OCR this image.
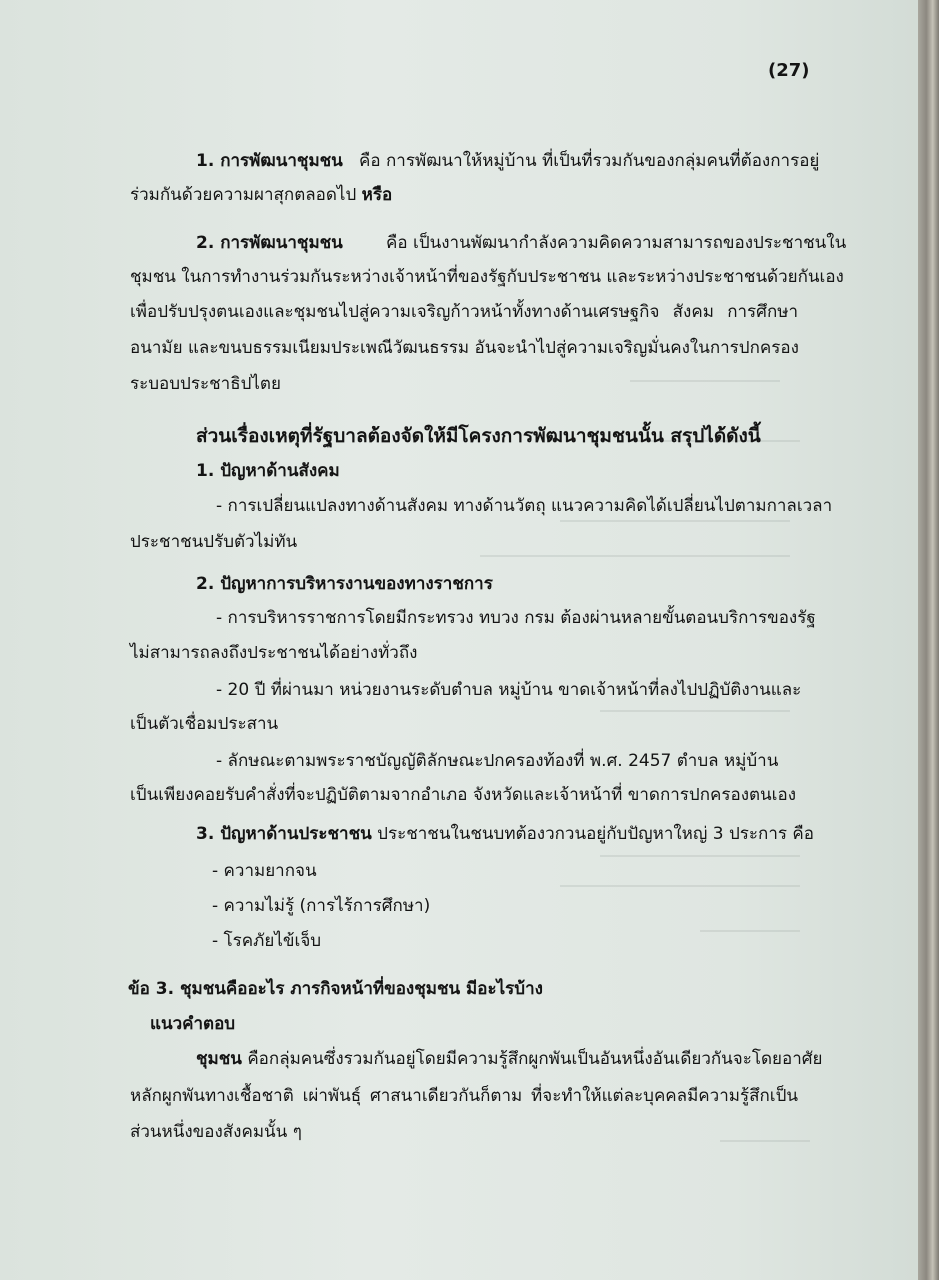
(27)
1. การพัฒนาชุมชน คือ การพัฒนาให้หมู่บ้าน ที่เป็นที่รวมกันของกลุ่มคนที่ต้องการอยู่
ร่วมกันด้วยความผาสุกตลอดไป หรือ
2. การพัฒนาชุมชน	คือ เป็นงานพัฒนากำลังความคิดความสามารถของประชาชนใน
ชุมชน ในการทำงานร่วมกันระหว่างเจ้าหน้าที่ของรัฐกับประชาชน และระหว่างประชาชนด้วยกันเอง
เพื่อปรับปรุงตนเองและชุมชนไปสู่ความเจริญก้าวหน้าทั้งทางด้านเศรษฐกิจ สังคม การศึกษา
อนามัย และขนบธรรมเนียมประเพณีวัฒนธรรม อันจะนำไปสู่ความเจริญมั่นคงในการปกครอง
ระบอบประชาธิปไตย
ส่วนเรื่องเหตุที่รัฐบาลต้องจัดให้มีโครงการพัฒนาชุมชนนั้น สรุปได้ดังนี้
1. ปัญหาด้านสังคม
- การเปลี่ยนแปลงทางด้านสังคม ทางด้านวัตถุ แนวความคิดได้เปลี่ยนไปตามกาลเวลา
ประชาชนปรับตัวไม่ทัน
2. ปัญหาการบริหารงานของทางราชการ
- การบริหารราชการโดยมีกระทรวง ทบวง กรม ต้องผ่านหลายขั้นตอนบริการของรัฐ
ไม่สามารถลงถึงประชาชนได้อย่างทั่วถึง
- 20 ปี ที่ผ่านมา หน่วยงานระดับตำบล หมู่บ้าน ขาดเจ้าหน้าที่ลงไปปฏิบัติงานและ
เป็นตัวเชื่อมประสาน
- ลักษณะตามพระราชบัญญัติลักษณะปกครองท้องที่ พ.ศ. 2457 ตำบล หมู่บ้าน
เป็นเพียงคอยรับคำสั่งที่จะปฏิบัติตามจากอำเภอ จังหวัดและเจ้าหน้าที่ ขาดการปกครองตนเอง
3. ปัญหาด้านประชาชน ประชาชนในชนบทต้องวกวนอยู่กับปัญหาใหญ่ 3 ประการ คือ
- ความยากจน
- ความไม่รู้ (การไร้การศึกษา)
- โรคภัยไข้เจ็บ
ข้อ 3. ชุมชนคืออะไร ภารกิจหน้าที่ของชุมชน มีอะไรบ้าง
แนวคำตอบ
ชุมชน คือกลุ่มคนซึ่งรวมกันอยู่โดยมีความรู้สึกผูกพันเป็นอันหนึ่งอันเดียวกันจะโดยอาศัย
หลักผูกพันทางเชื้อชาติ เผ่าพันธุ์ ศาสนาเดียวกันก็ตาม ที่จะทำให้แต่ละบุคคลมีความรู้สึกเป็น
ส่วนหนึ่งของสังคมนั้น ๆ
